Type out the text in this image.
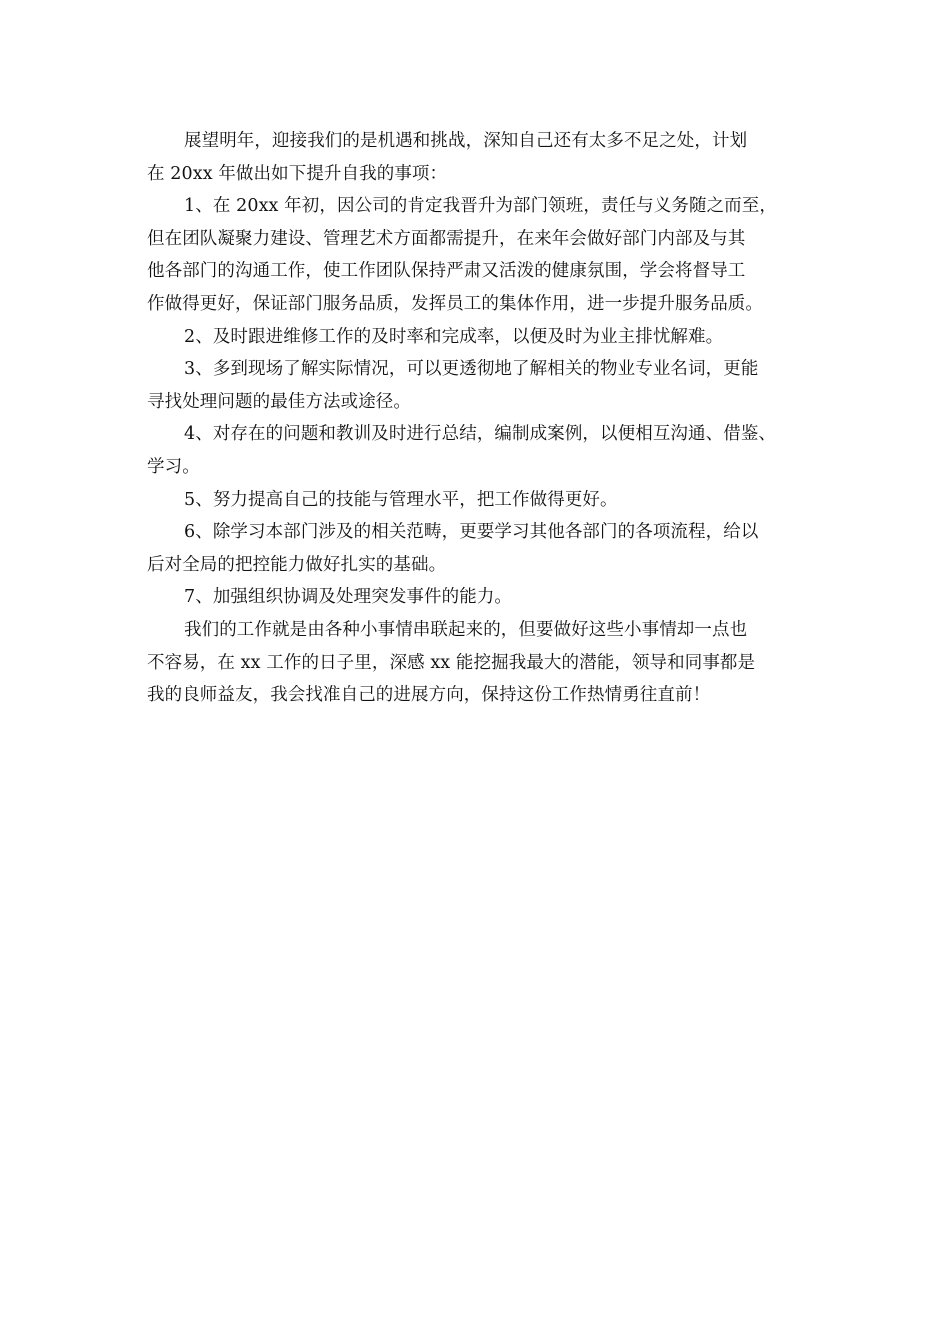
展望明年，迎接我们的是机遇和挑战，深知自己还有太多不足之处，计划
在 20xx 年做出如下提升自我的事项：
1、在 20xx 年初，因公司的肯定我晋升为部门领班，责任与义务随之而至，
但在团队凝聚力建设、管理艺术方面都需提升，在来年会做好部门内部及与其
他各部门的沟通工作，使工作团队保持严肃又活泼的健康氛围，学会将督导工
作做得更好，保证部门服务品质，发挥员工的集体作用，进一步提升服务品质。
2、及时跟进维修工作的及时率和完成率，以便及时为业主排忧解难。
3、多到现场了解实际情况，可以更透彻地了解相关的物业专业名词，更能
寻找处理问题的最佳方法或途径。
4、对存在的问题和教训及时进行总结，编制成案例，以便相互沟通、借鉴、
学习。
5、努力提高自己的技能与管理水平，把工作做得更好。
6、除学习本部门涉及的相关范畴，更要学习其他各部门的各项流程，给以
后对全局的把控能力做好扎实的基础。
7、加强组织协调及处理突发事件的能力。
我们的工作就是由各种小事情串联起来的，但要做好这些小事情却一点也
不容易，在 xx 工作的日子里，深感 xx 能挖掘我最大的潜能，领导和同事都是
我的良师益友，我会找准自己的进展方向，保持这份工作热情勇往直前！
